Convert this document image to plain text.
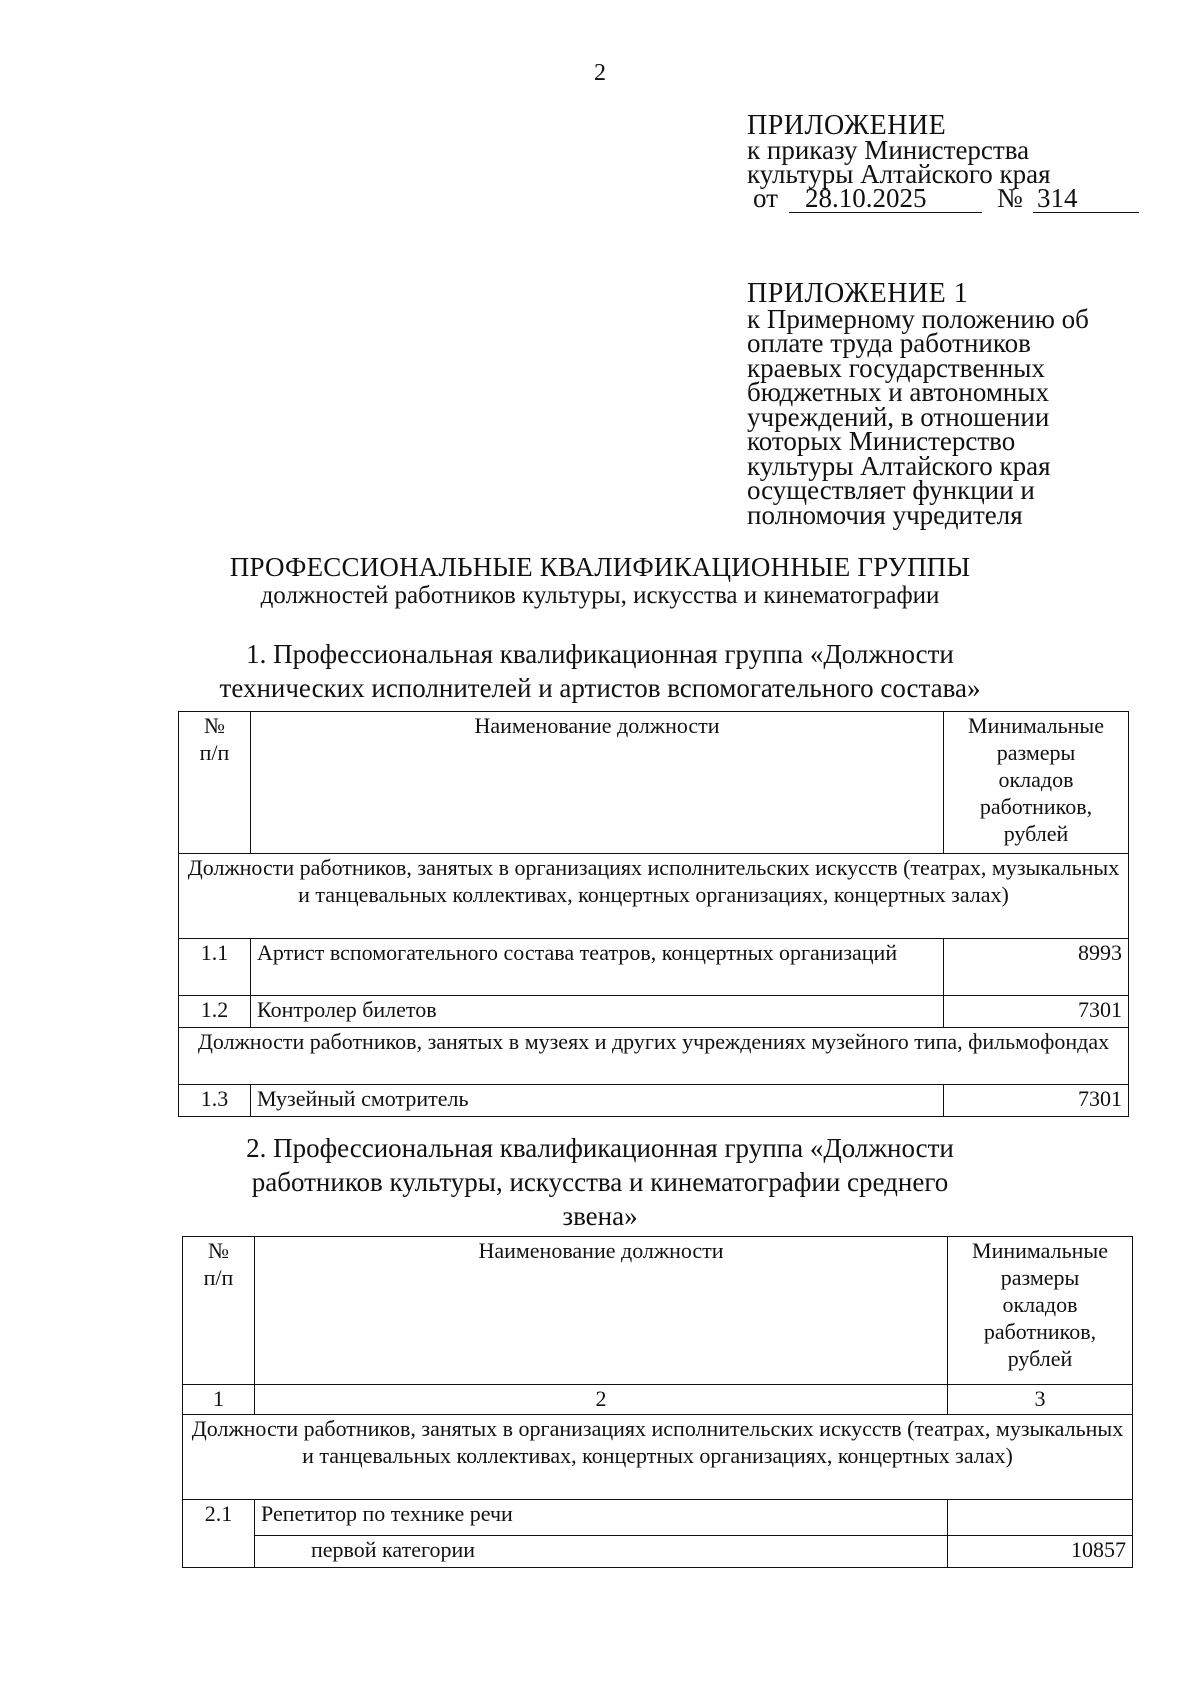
2
ПРИЛОЖЕНИЕ
к приказу Министерства
культуры Алтайского края
от 28.10.2025	№ 314
ПРИЛОЖЕНИЕ 1
к Примерному положению об
оплате труда работников
краевых государственных
бюджетных и автономных
учреждений, в отношении
которых Министерство
культуры Алтайского края
осуществляет функции и
полномочия учредителя
ПРОФЕССИОНАЛЬНЫЕ КВАЛИФИКАЦИОННЫЕ ГРУППЫ
должностей работников культуры, искусства и кинематографии
1. Профессиональная квалификационная группа «Должности
технических исполнителей и артистов вспомогательного состава»
№
п/п	Наименование должности	Минимальные
размеры
окладов
работников,
рублей
Должности работников, занятых в организациях исполнительских искусств (театрах, музыкальных и танцевальных коллективах, концертных организациях, концертных залах)		
1.1	Артист вспомогательного состава театров, концертных организаций	8993
1.2	Контролер билетов	7301
Должности работников, занятых в музеях и других учреждениях музейного типа, фильмофондах		
1.3	Музейный смотритель	7301
2. Профессиональная квалификационная группа «Должности
работников культуры, искусства и кинематографии среднего
звена»
№
п/п	Наименование должности	Минимальные
размеры
окладов
работников,
рублей
1	2	3
Должности работников, занятых в организациях исполнительских искусств (театрах, музыкальных и танцевальных коллективах, концертных организациях, концертных залах)		
2.1	Репетитор по технике речи	
	первой категории	10857
